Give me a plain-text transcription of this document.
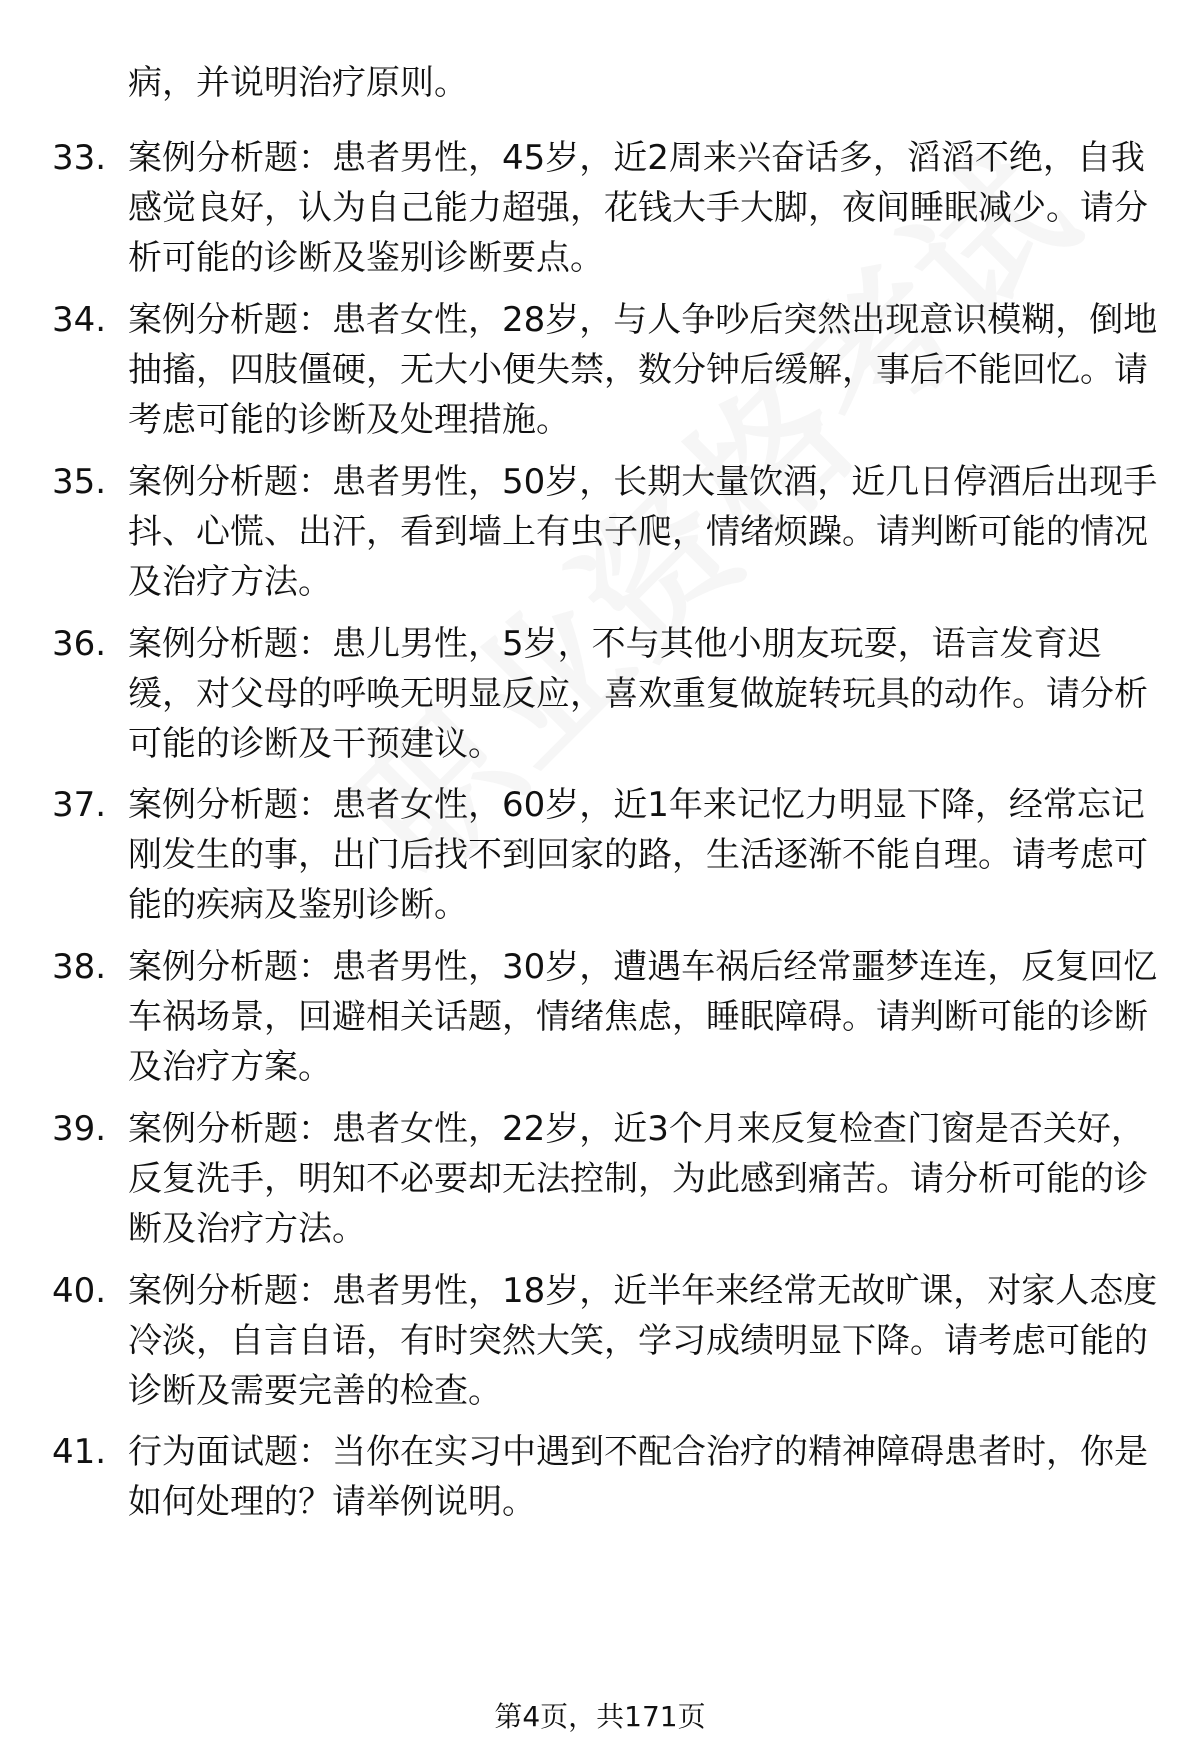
病，并说明治疗原则。

33. 案例分析题：患者男性，45岁，近2周来兴奋话多，滔滔不绝，自我感觉良好，认为自己能力超强，花钱大手大脚，夜间睡眠减少。请分析可能的诊断及鉴别诊断要点。
34. 案例分析题：患者女性，28岁，与人争吵后突然出现意识模糊，倒地抽搐，四肢僵硬，无大小便失禁，数分钟后缓解，事后不能回忆。请考虑可能的诊断及处理措施。
35. 案例分析题：患者男性，50岁，长期大量饮酒，近几日停酒后出现手抖、心慌、出汗，看到墙上有虫子爬，情绪烦躁。请判断可能的情况及治疗方法。
36. 案例分析题：患儿男性，5岁，不与其他小朋友玩耍，语言发育迟缓，对父母的呼唤无明显反应，喜欢重复做旋转玩具的动作。请分析可能的诊断及干预建议。
37. 案例分析题：患者女性，60岁，近1年来记忆力明显下降，经常忘记刚发生的事，出门后找不到回家的路，生活逐渐不能自理。请考虑可能的疾病及鉴别诊断。
38. 案例分析题：患者男性，30岁，遭遇车祸后经常噩梦连连，反复回忆车祸场景，回避相关话题，情绪焦虑，睡眠障碍。请判断可能的诊断及治疗方案。
39. 案例分析题：患者女性，22岁，近3个月来反复检查门窗是否关好，反复洗手，明知不必要却无法控制，为此感到痛苦。请分析可能的诊断及治疗方法。
40. 案例分析题：患者男性，18岁，近半年来经常无故旷课，对家人态度冷淡，自言自语，有时突然大笑，学习成绩明显下降。请考虑可能的诊断及需要完善的检查。
41. 行为面试题：当你在实习中遇到不配合治疗的精神障碍患者时，你是如何处理的？请举例说明。
第4页，共171页
